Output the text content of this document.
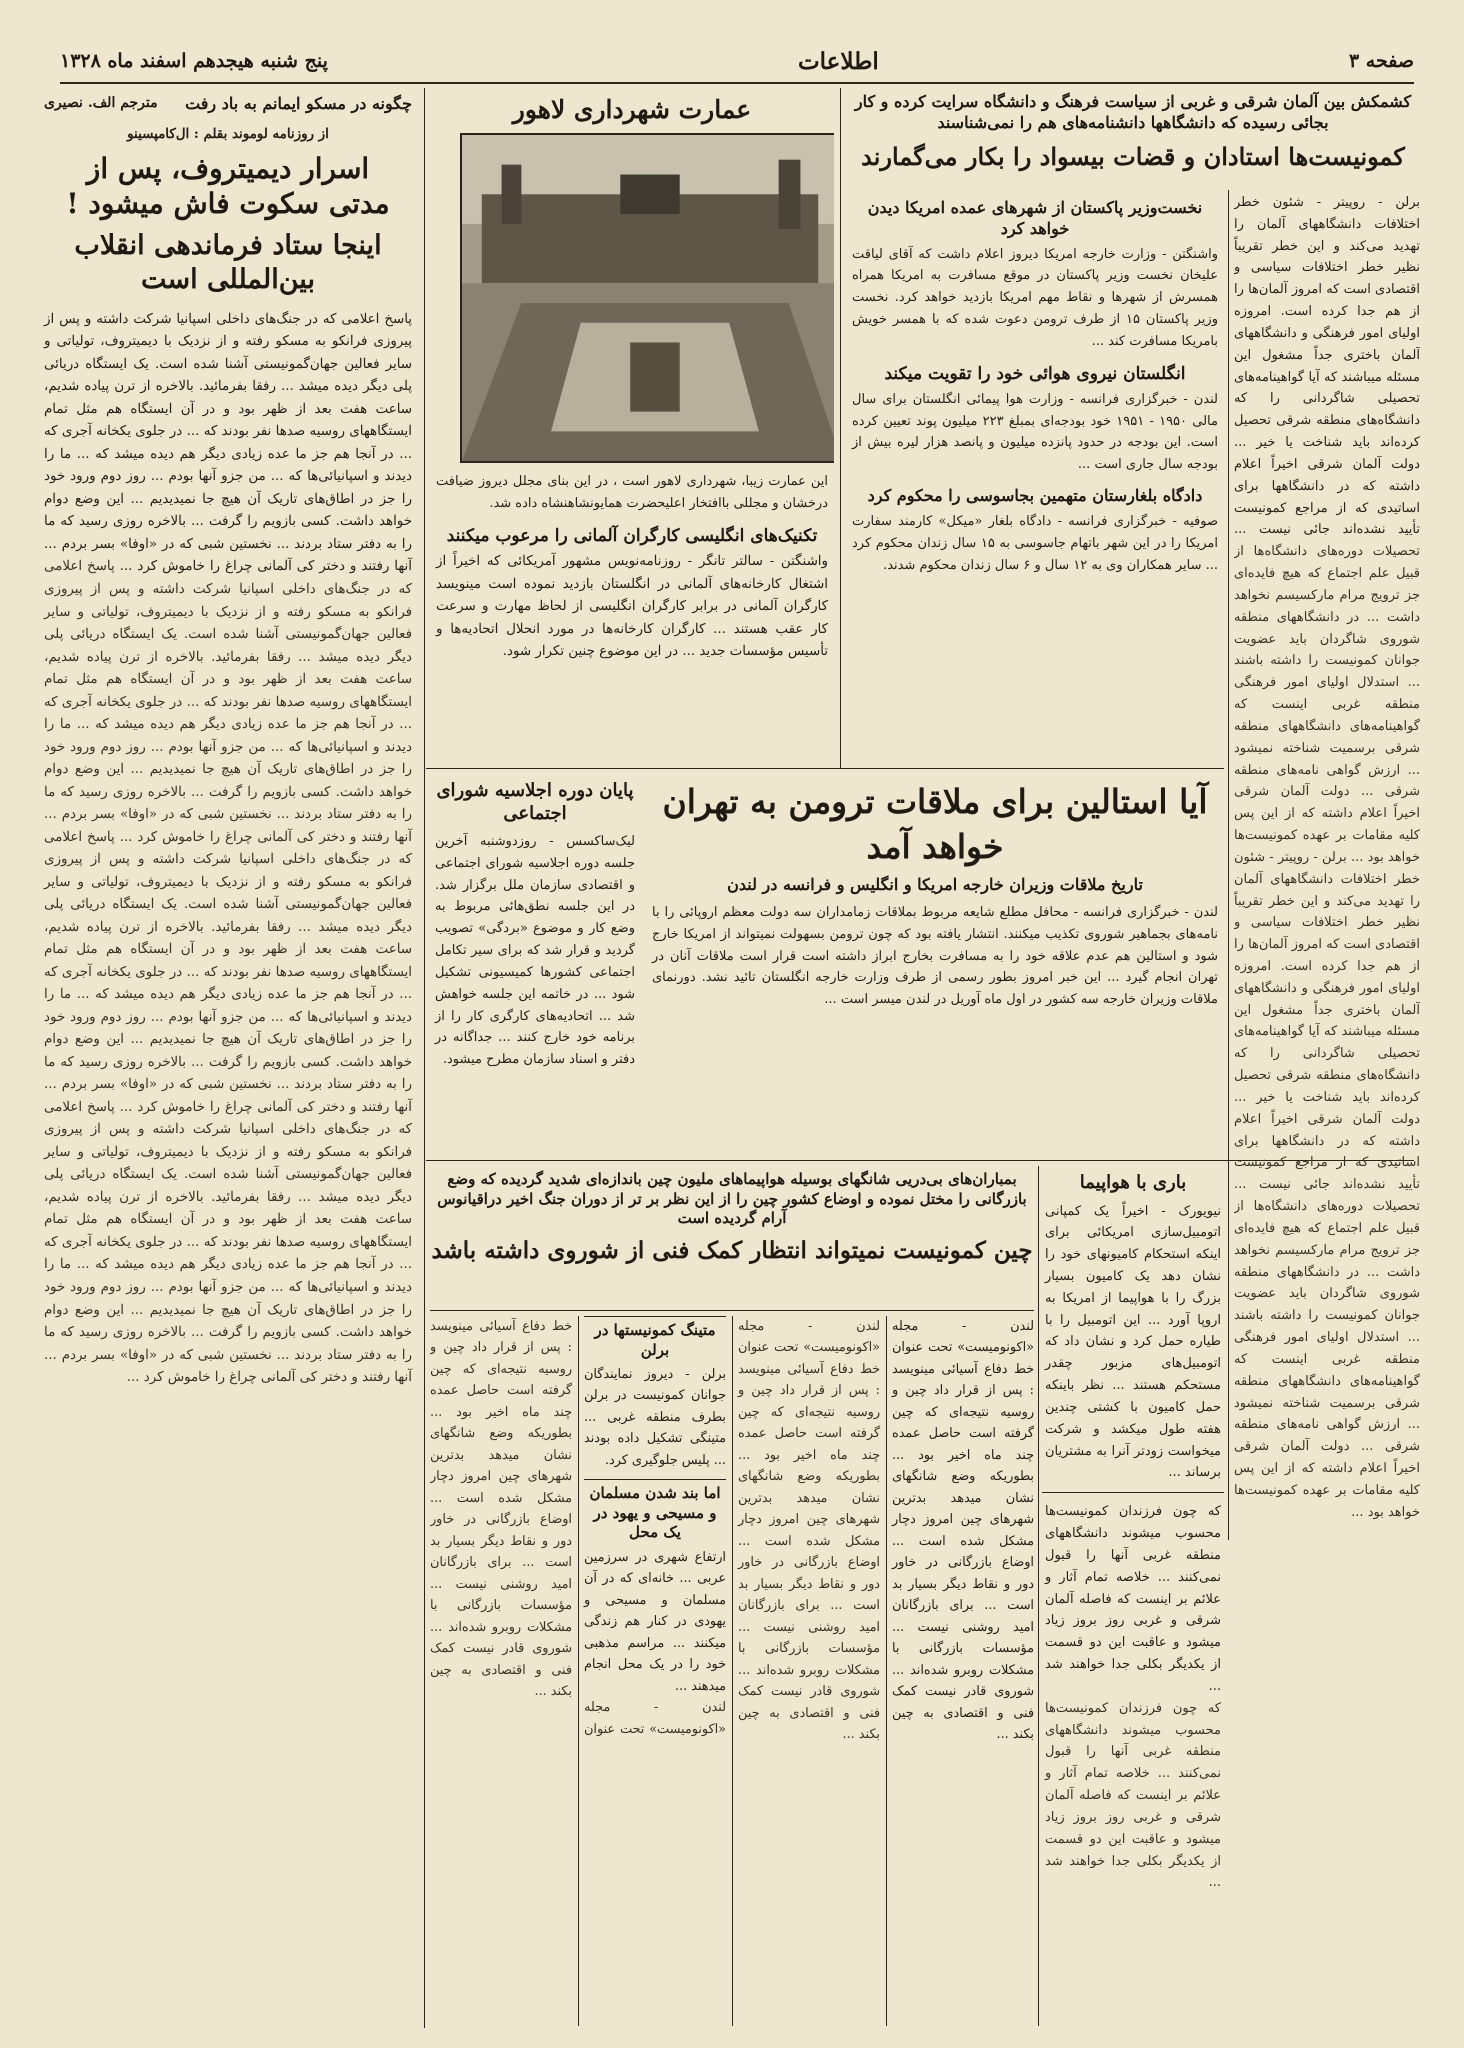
صفحه ۳
اطلاعات
پنج شنبه هیجدهم اسفند ماه ۱۳۲۸
چگونه در مسکو ایمانم به باد رفت
مترجم الف. نصیری
از روزنامه لوموند بقلم : ال‌کامپسینو
اسرار دیمیتروف، پس از مدتی سکوت فاش میشود !
اینجا ستاد فرماندهی انقلاب بین‌المللی است
پاسخ اعلامی که در جنگ‌های داخلی اسپانیا شرکت داشته و پس از پیروزی فرانکو به مسکو رفته و از نزدیک با دیمیتروف، تولیاتی و سایر فعالین جهان‌گمونیستی آشنا شده است. یک ایستگاه دریائی پلی دیگر دیده میشد ... رفقا بفرمائید. بالاخره از ترن پیاده شدیم، ساعت هفت بعد از ظهر بود و در آن ایستگاه هم مثل تمام ایستگاههای روسیه صدها نفر بودند که ... در جلوی یکخانه آجری که ... در آنجا هم جز ما عده زیادی دیگر هم دیده میشد که ... ما را دیدند و اسپانیائی‌ها که ... من جزو آنها بودم ... روز دوم ورود خود را جز در اطاق‌های تاریک آن هیچ جا نمیدیدیم ... این وضع دوام خواهد داشت. کسی بازویم را گرفت ... بالاخره روزی رسید که ما را به دفتر ستاد بردند ... نخستین شبی که در «اوفا» بسر بردم ... آنها رفتند و دختر کی آلمانی چراغ را خاموش کرد ... پاسخ اعلامی که در جنگ‌های داخلی اسپانیا شرکت داشته و پس از پیروزی فرانکو به مسکو رفته و از نزدیک با دیمیتروف، تولیاتی و سایر فعالین جهان‌گمونیستی آشنا شده است. یک ایستگاه دریائی پلی دیگر دیده میشد ... رفقا بفرمائید. بالاخره از ترن پیاده شدیم، ساعت هفت بعد از ظهر بود و در آن ایستگاه هم مثل تمام ایستگاههای روسیه صدها نفر بودند که ... در جلوی یکخانه آجری که ... در آنجا هم جز ما عده زیادی دیگر هم دیده میشد که ... ما را دیدند و اسپانیائی‌ها که ... من جزو آنها بودم ... روز دوم ورود خود را جز در اطاق‌های تاریک آن هیچ جا نمیدیدیم ... این وضع دوام خواهد داشت. کسی بازویم را گرفت ... بالاخره روزی رسید که ما را به دفتر ستاد بردند ... نخستین شبی که در «اوفا» بسر بردم ... آنها رفتند و دختر کی آلمانی چراغ را خاموش کرد ... پاسخ اعلامی که در جنگ‌های داخلی اسپانیا شرکت داشته و پس از پیروزی فرانکو به مسکو رفته و از نزدیک با دیمیتروف، تولیاتی و سایر فعالین جهان‌گمونیستی آشنا شده است. یک ایستگاه دریائی پلی دیگر دیده میشد ... رفقا بفرمائید. بالاخره از ترن پیاده شدیم، ساعت هفت بعد از ظهر بود و در آن ایستگاه هم مثل تمام ایستگاههای روسیه صدها نفر بودند که ... در جلوی یکخانه آجری که ... در آنجا هم جز ما عده زیادی دیگر هم دیده میشد که ... ما را دیدند و اسپانیائی‌ها که ... من جزو آنها بودم ... روز دوم ورود خود را جز در اطاق‌های تاریک آن هیچ جا نمیدیدیم ... این وضع دوام خواهد داشت. کسی بازویم را گرفت ... بالاخره روزی رسید که ما را به دفتر ستاد بردند ... نخستین شبی که در «اوفا» بسر بردم ... آنها رفتند و دختر کی آلمانی چراغ را خاموش کرد ... پاسخ اعلامی که در جنگ‌های داخلی اسپانیا شرکت داشته و پس از پیروزی فرانکو به مسکو رفته و از نزدیک با دیمیتروف، تولیاتی و سایر فعالین جهان‌گمونیستی آشنا شده است. یک ایستگاه دریائی پلی دیگر دیده میشد ... رفقا بفرمائید. بالاخره از ترن پیاده شدیم، ساعت هفت بعد از ظهر بود و در آن ایستگاه هم مثل تمام ایستگاههای روسیه صدها نفر بودند که ... در جلوی یکخانه آجری که ... در آنجا هم جز ما عده زیادی دیگر هم دیده میشد که ... ما را دیدند و اسپانیائی‌ها که ... من جزو آنها بودم ... روز دوم ورود خود را جز در اطاق‌های تاریک آن هیچ جا نمیدیدیم ... این وضع دوام خواهد داشت. کسی بازویم را گرفت ... بالاخره روزی رسید که ما را به دفتر ستاد بردند ... نخستین شبی که در «اوفا» بسر بردم ... آنها رفتند و دختر کی آلمانی چراغ را خاموش کرد ...
عمارت شهرداری لاهور
این عمارت زیبا، شهرداری لاهور است ، در این بنای مجلل دیروز ضیافت درخشان و مجللی باافتخار اعلیحضرت همایونشاهنشاه داده شد.
تکنیک‌های انگلیسی کارگران آلمانی را مرعوب میکنند
واشنگتن - سالتر تانگر - روزنامه‌نویس مشهور آمریکائی که اخیراً از اشتغال کارخانه‌های آلمانی در انگلستان بازدید نموده است مینویسد کارگران آلمانی در برابر کارگران انگلیسی از لحاظ مهارت و سرعت کار عقب هستند ... کارگران کارخانه‌ها در مورد انحلال اتحادیه‌ها و تأسیس مؤسسات جدید ... در این موضوع چنین تکرار شود.
پایان دوره اجلاسیه شورای اجتماعی
لیک‌ساکسس - روزدوشنبه آخرین جلسه دوره اجلاسیه شورای اجتماعی و اقتصادی سازمان ملل برگزار شد. در این جلسه نطق‌هائی مربوط به وضع کار و موضوع «بردگی» تصویب گردید و قرار شد که برای سیر تکامل اجتماعی کشورها کمیسیونی تشکیل شود ... در خاتمه این جلسه خواهش شد ... اتحادیه‌های کارگری کار را از برنامه خود خارج کنند ... جداگانه در دفتر و اسناد سازمان مطرح میشود.
کشمکش بین آلمان شرقی و غربی از سیاست فرهنگ و دانشگاه سرایت کرده و کار بجائی رسیده که دانشگاهها دانشنامه‌های هم را نمی‌شناسند
کمونیست‌ها استادان و قضات بیسواد را بکار می‌گمارند
نخست‌وزیر پاکستان از شهرهای عمده امریکا دیدن خواهد کرد
واشنگتن - وزارت خارجه امریکا دیروز اعلام داشت که آقای لیاقت علیخان نخست وزیر پاکستان در موقع مسافرت به امریکا همراه همسرش از شهرها و نقاط مهم امریکا بازدید خواهد کرد. نخست وزیر پاکستان ۱۵ از طرف ترومن دعوت شده که با همسر خویش بامریکا مسافرت کند ...
انگلستان نیروی هوائی خود را تقویت میکند
لندن - خبرگزاری فرانسه - وزارت هوا پیمائی انگلستان برای سال مالی ۱۹۵۰ - ۱۹۵۱ خود بودجه‌ای بمبلغ ۲۲۳ میلیون پوند تعیین کرده است. این بودجه در حدود پانزده میلیون و پانصد هزار لیره بیش از بودجه سال جاری است ...
دادگاه بلغارستان متهمین بجاسوسی را محکوم کرد
صوفیه - خبرگزاری فرانسه - دادگاه بلغار «میکل» کارمند سفارت امریکا را در این شهر باتهام جاسوسی به ۱۵ سال زندان محکوم کرد ... سایر همکاران وی به ۱۲ سال و ۶ سال زندان محکوم شدند.
برلن - روپیتر - شئون خطر اختلافات دانشگاههای آلمان را تهدید می‌کند و این خطر تقریباً نظیر خطر اختلافات سیاسی و اقتصادی است که امروز آلمان‌ها را از هم جدا کرده است. امروزه اولیای امور فرهنگی و دانشگاههای آلمان باختری جداً مشغول این مسئله میباشند که آیا گواهینامه‌های تحصیلی شاگردانی را که دانشگاه‌های منطقه شرقی تحصیل کرده‌اند باید شناخت یا خیر ... دولت آلمان شرقی اخیراً اعلام داشته که در دانشگاهها برای اساتیدی که از مراجع کمونیست تأیید نشده‌اند جائی نیست ... تحصیلات دوره‌های دانشگاه‌ها از قبیل علم اجتماع که هیچ فایده‌ای جز ترویج مرام مارکسیسم نخواهد داشت ... در دانشگاههای منطقه شوروی شاگردان باید عضویت جوانان کمونیست را داشته باشند ... استدلال اولیای امور فرهنگی منطقه غربی اینست که گواهینامه‌های دانشگاههای منطقه شرقی برسمیت شناخته نمیشود ... ارزش گواهی نامه‌های منطقه شرقی ... دولت آلمان شرقی اخیراً اعلام داشته که از این پس کلیه مقامات بر عهده کمونیست‌ها خواهد بود ... برلن - روپیتر - شئون خطر اختلافات دانشگاههای آلمان را تهدید می‌کند و این خطر تقریباً نظیر خطر اختلافات سیاسی و اقتصادی است که امروز آلمان‌ها را از هم جدا کرده است. امروزه اولیای امور فرهنگی و دانشگاههای آلمان باختری جداً مشغول این مسئله میباشند که آیا گواهینامه‌های تحصیلی شاگردانی را که دانشگاه‌های منطقه شرقی تحصیل کرده‌اند باید شناخت یا خیر ... دولت آلمان شرقی اخیراً اعلام داشته که در دانشگاهها برای اساتیدی که از مراجع کمونیست تأیید نشده‌اند جائی نیست ... تحصیلات دوره‌های دانشگاه‌ها از قبیل علم اجتماع که هیچ فایده‌ای جز ترویج مرام مارکسیسم نخواهد داشت ... در دانشگاههای منطقه شوروی شاگردان باید عضویت جوانان کمونیست را داشته باشند ... استدلال اولیای امور فرهنگی منطقه غربی اینست که گواهینامه‌های دانشگاههای منطقه شرقی برسمیت شناخته نمیشود ... ارزش گواهی نامه‌های منطقه شرقی ... دولت آلمان شرقی اخیراً اعلام داشته که از این پس کلیه مقامات بر عهده کمونیست‌ها خواهد بود ...
آیا استالین برای ملاقات ترومن به تهران خواهد آمد
تاریخ ملاقات وزیران خارجه امریکا و انگلیس و فرانسه در لندن
لندن - خبرگزاری فرانسه - محافل مطلع شایعه مربوط بملاقات زمامداران سه دولت معظم اروپائی را با نامه‌های بجماهیر شوروی تکذیب میکنند. انتشار یافته بود که چون ترومن بسهولت نمیتواند از امریکا خارج شود و استالین هم عدم علاقه خود را به مسافرت بخارج ابراز داشته است قرار است ملاقات آنان در تهران انجام گیرد ... این خبر امروز بطور رسمی از طرف وزارت خارجه انگلستان تائید نشد. دورنمای ملاقات وزیران خارجه سه کشور در اول ماه آوریل در لندن میسر است ...
بمباران‌های بی‌دریی شانگهای بوسیله هواپیماهای ملیون چین باندازه‌ای شدید گردیده که وضع بازرگانی را مختل نموده و اوضاع کشور چین را از این نظر بر تر از دوران جنگ اخیر دراقیانوس آرام گردیده است
چین کمونیست نمیتواند انتظار کمک فنی از شوروی داشته باشد
لندن - مجله «اکونومیست» تحت عنوان خط دفاع آسیائی مینویسد : پس از قرار داد چین و روسیه نتیجه‌ای که چین گرفته است حاصل عمده چند ماه اخیر بود ... بطوریکه وضع شانگهای نشان میدهد بدترین شهرهای چین امروز دچار مشکل شده است ... اوضاع بازرگانی در خاور دور و نقاط دیگر بسیار بد است ... برای بازرگانان امید روشنی نیست ... مؤسسات بازرگانی با مشکلات روبرو شده‌اند ... شوروی قادر نیست کمک فنی و اقتصادی به چین بکند ...
لندن - مجله «اکونومیست» تحت عنوان خط دفاع آسیائی مینویسد : پس از قرار داد چین و روسیه نتیجه‌ای که چین گرفته است حاصل عمده چند ماه اخیر بود ... بطوریکه وضع شانگهای نشان میدهد بدترین شهرهای چین امروز دچار مشکل شده است ... اوضاع بازرگانی در خاور دور و نقاط دیگر بسیار بد است ... برای بازرگانان امید روشنی نیست ... مؤسسات بازرگانی با مشکلات روبرو شده‌اند ... شوروی قادر نیست کمک فنی و اقتصادی به چین بکند ...
متینگ کمونیستها در برلن
برلن - دیروز نمایندگان جوانان کمونیست در برلن بطرف منطقه غربی ... متینگی تشکیل داده بودند ... پلیس جلوگیری کرد.
اما بند شدن مسلمان و مسیحی و یهود در یک محل
ارتفاع شهری در سرزمین عربی ... خانه‌ای که در آن مسلمان و مسیحی و یهودی در کنار هم زندگی میکنند ... مراسم مذهبی خود را در یک محل انجام میدهند ...
لندن - مجله «اکونومیست» تحت عنوان خط دفاع آسیائی مینویسد : پس از قرار داد چین و روسیه نتیجه‌ای که چین گرفته است حاصل عمده چند ماه اخیر بود ... بطوریکه وضع شانگهای نشان میدهد بدترین شهرهای چین امروز دچار مشکل شده است ... اوضاع بازرگانی در خاور دور و نقاط دیگر بسیار بد است ... برای بازرگانان امید روشنی نیست ... مؤسسات بازرگانی با مشکلات روبرو شده‌اند ... شوروی قادر نیست کمک فنی و اقتصادی به چین بکند ...
باری با هواپیما
نیویورک - اخیراً یک کمپانی اتومبیل‌سازی امریکائی برای اینکه استحکام کامیونهای خود را نشان دهد یک کامیون بسیار بزرگ را با هواپیما از امریکا به اروپا آورد ... این اتومبیل را با طیاره حمل کرد و نشان داد که اتومبیل‌های مزبور چقدر مستحکم هستند ... نظر باینکه حمل کامیون با کشتی چندین هفته طول میکشد و شرکت میخواست زودتر آنرا به مشتریان برساند ...
که چون فرزندان کمونیست‌ها محسوب میشوند دانشگاههای منطقه غربی آنها را قبول نمی‌کنند ... خلاصه تمام آثار و علائم بر اینست که فاصله آلمان شرقی و غربی روز بروز زیاد میشود و عاقبت این دو قسمت از یکدیگر بکلی جدا خواهند شد ...
که چون فرزندان کمونیست‌ها محسوب میشوند دانشگاههای منطقه غربی آنها را قبول نمی‌کنند ... خلاصه تمام آثار و علائم بر اینست که فاصله آلمان شرقی و غربی روز بروز زیاد میشود و عاقبت این دو قسمت از یکدیگر بکلی جدا خواهند شد ...
